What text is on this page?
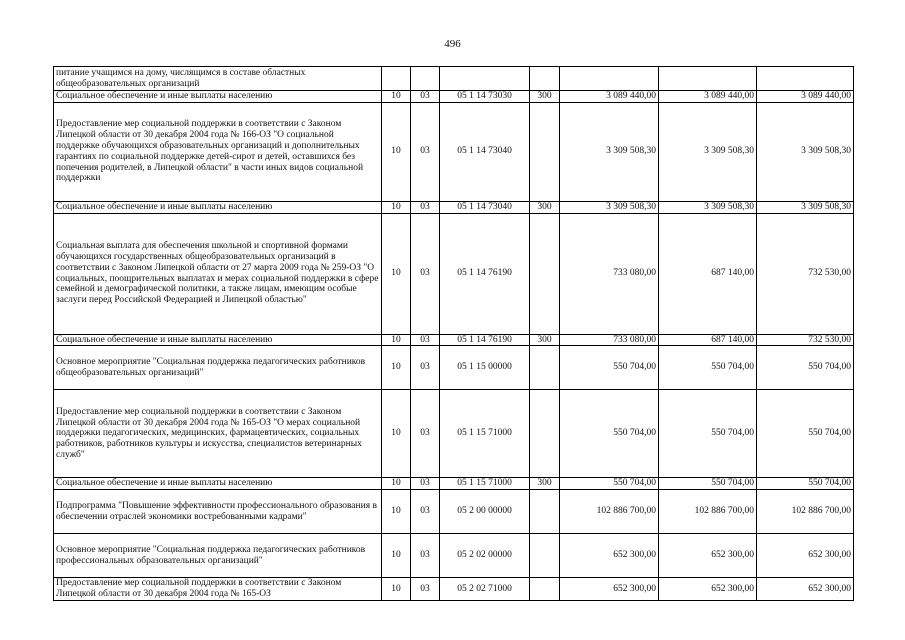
496
питание учащимся на дому, числящимся в составе областных общеобразовательных организаций							
Социальное обеспечение и иные выплаты населению	10	03	05 1 14 73030	300	3 089 440,00	3 089 440,00	3 089 440,00
Предоставление мер социальной поддержки в соответствии с Законом Липецкой области от 30 декабря 2004 года № 166-ОЗ "О социальной поддержке обучающихся образовательных организаций и дополнительных гарантиях по социальной поддержке детей-сирот и детей, оставшихся без попечения родителей, в Липецкой области" в части иных видов социальной поддержки	10	03	05 1 14 73040		3 309 508,30	3 309 508,30	3 309 508,30
Социальное обеспечение и иные выплаты населению	10	03	05 1 14 73040	300	3 309 508,30	3 309 508,30	3 309 508,30
Социальная выплата для обеспечения школьной и спортивной формами обучающихся государственных общеобразовательных организаций в соответствии с Законом Липецкой области от 27 марта 2009 года № 259-ОЗ "О социальных, поощрительных выплатах и мерах социальной поддержки в сфере семейной и демографической политики, а также лицам, имеющим особые заслуги перед Российской Федерацией и Липецкой областью"	10	03	05 1 14 76190		733 080,00	687 140,00	732 530,00
Социальное обеспечение и иные выплаты населению	10	03	05 1 14 76190	300	733 080,00	687 140,00	732 530,00
Основное мероприятие "Социальная поддержка педагогических работников общеобразовательных организаций"	10	03	05 1 15 00000		550 704,00	550 704,00	550 704,00
Предоставление мер социальной поддержки в соответствии с Законом Липецкой области от 30 декабря 2004 года № 165-ОЗ "О мерах социальной поддержки педагогических, медицинских, фармацевтических, социальных работников, работников культуры и искусства, специалистов ветеринарных служб"	10	03	05 1 15 71000		550 704,00	550 704,00	550 704,00
Социальное обеспечение и иные выплаты населению	10	03	05 1 15 71000	300	550 704,00	550 704,00	550 704,00
Подпрограмма "Повышение эффективности профессионального образования в обеспечении отраслей экономики востребованными кадрами"	10	03	05 2 00 00000		102 886 700,00	102 886 700,00	102 886 700,00
Основное мероприятие "Социальная поддержка педагогических работников профессиональных образовательных организаций"	10	03	05 2 02 00000		652 300,00	652 300,00	652 300,00
Предоставление мер социальной поддержки в соответствии с Законом Липецкой области от 30 декабря 2004 года № 165-ОЗ	10	03	05 2 02 71000		652 300,00	652 300,00	652 300,00
